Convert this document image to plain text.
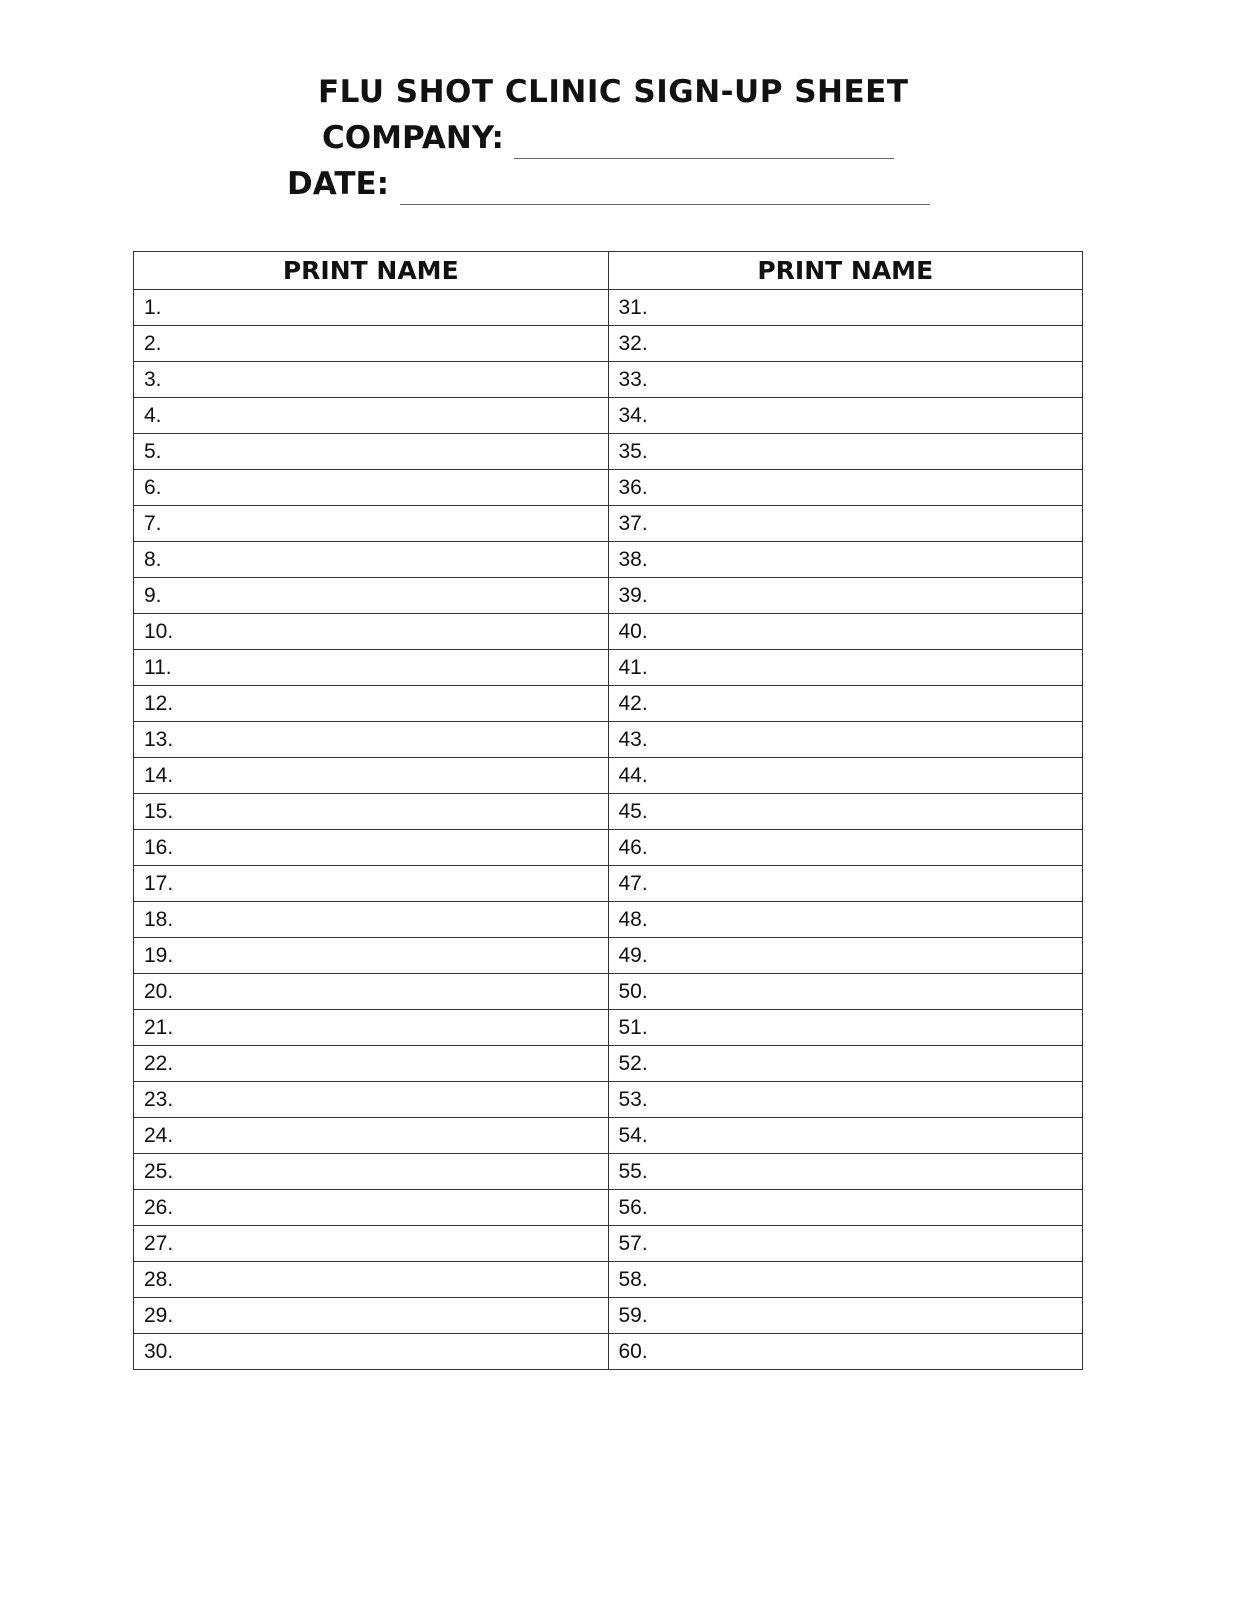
FLU SHOT CLINIC SIGN-UP SHEET
COMPANY:
DATE:
PRINT NAME	PRINT NAME
1.	31.
2.	32.
3.	33.
4.	34.
5.	35.
6.	36.
7.	37.
8.	38.
9.	39.
10.	40.
11.	41.
12.	42.
13.	43.
14.	44.
15.	45.
16.	46.
17.	47.
18.	48.
19.	49.
20.	50.
21.	51.
22.	52.
23.	53.
24.	54.
25.	55.
26.	56.
27.	57.
28.	58.
29.	59.
30.	60.
